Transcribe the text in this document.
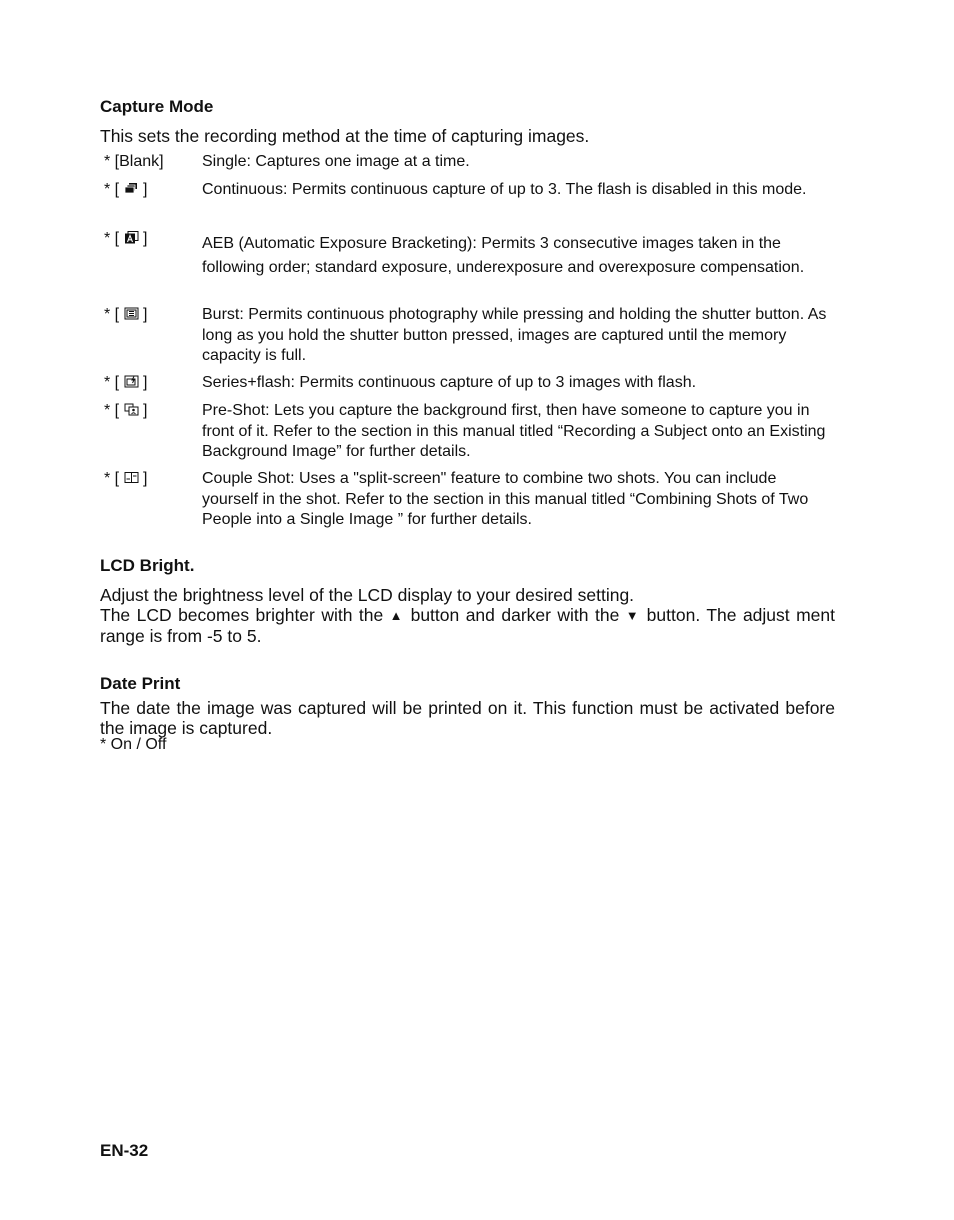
Capture Mode
This sets the recording method at the time of capturing images.
* [Blank] Single: Captures one image at a time.
* [ ]	Continuous: Permits continuous capture of up to 3. The flash is disabled in this mode.
* [ ]	AEB (Automatic Exposure Bracketing): Permits 3 consecutive images taken in the following order; standard exposure, underexposure and overexposure compensation.
* [ ]	Burst: Permits continuous photography while pressing and holding the shutter button. As long as you hold the shutter button pressed, images are captured until the memory capacity is full.
* [ ]	Series+flash: Permits continuous capture of up to 3 images with flash.
* [ ]	Pre-Shot: Lets you capture the background first, then have someone to capture you in front of it. Refer to the section in this manual titled “Recording a Subject onto an Existing Background Image” for further details.
* [ ]	Couple Shot: Uses a "split-screen" feature to combine two shots. You can include yourself in the shot. Refer to the section in this manual titled “Combining Shots of Two People into a Single Image ” for further details.
LCD Bright.
Adjust the brightness level of the LCD display to your desired setting.
The LCD becomes brighter with the ▲ button and darker with the ▼ button. The adjust ment range is from -5 to 5.
Date Print
The date the image was captured will be printed on it. This function must be activated before the image is captured.
* On / Off
EN-32
